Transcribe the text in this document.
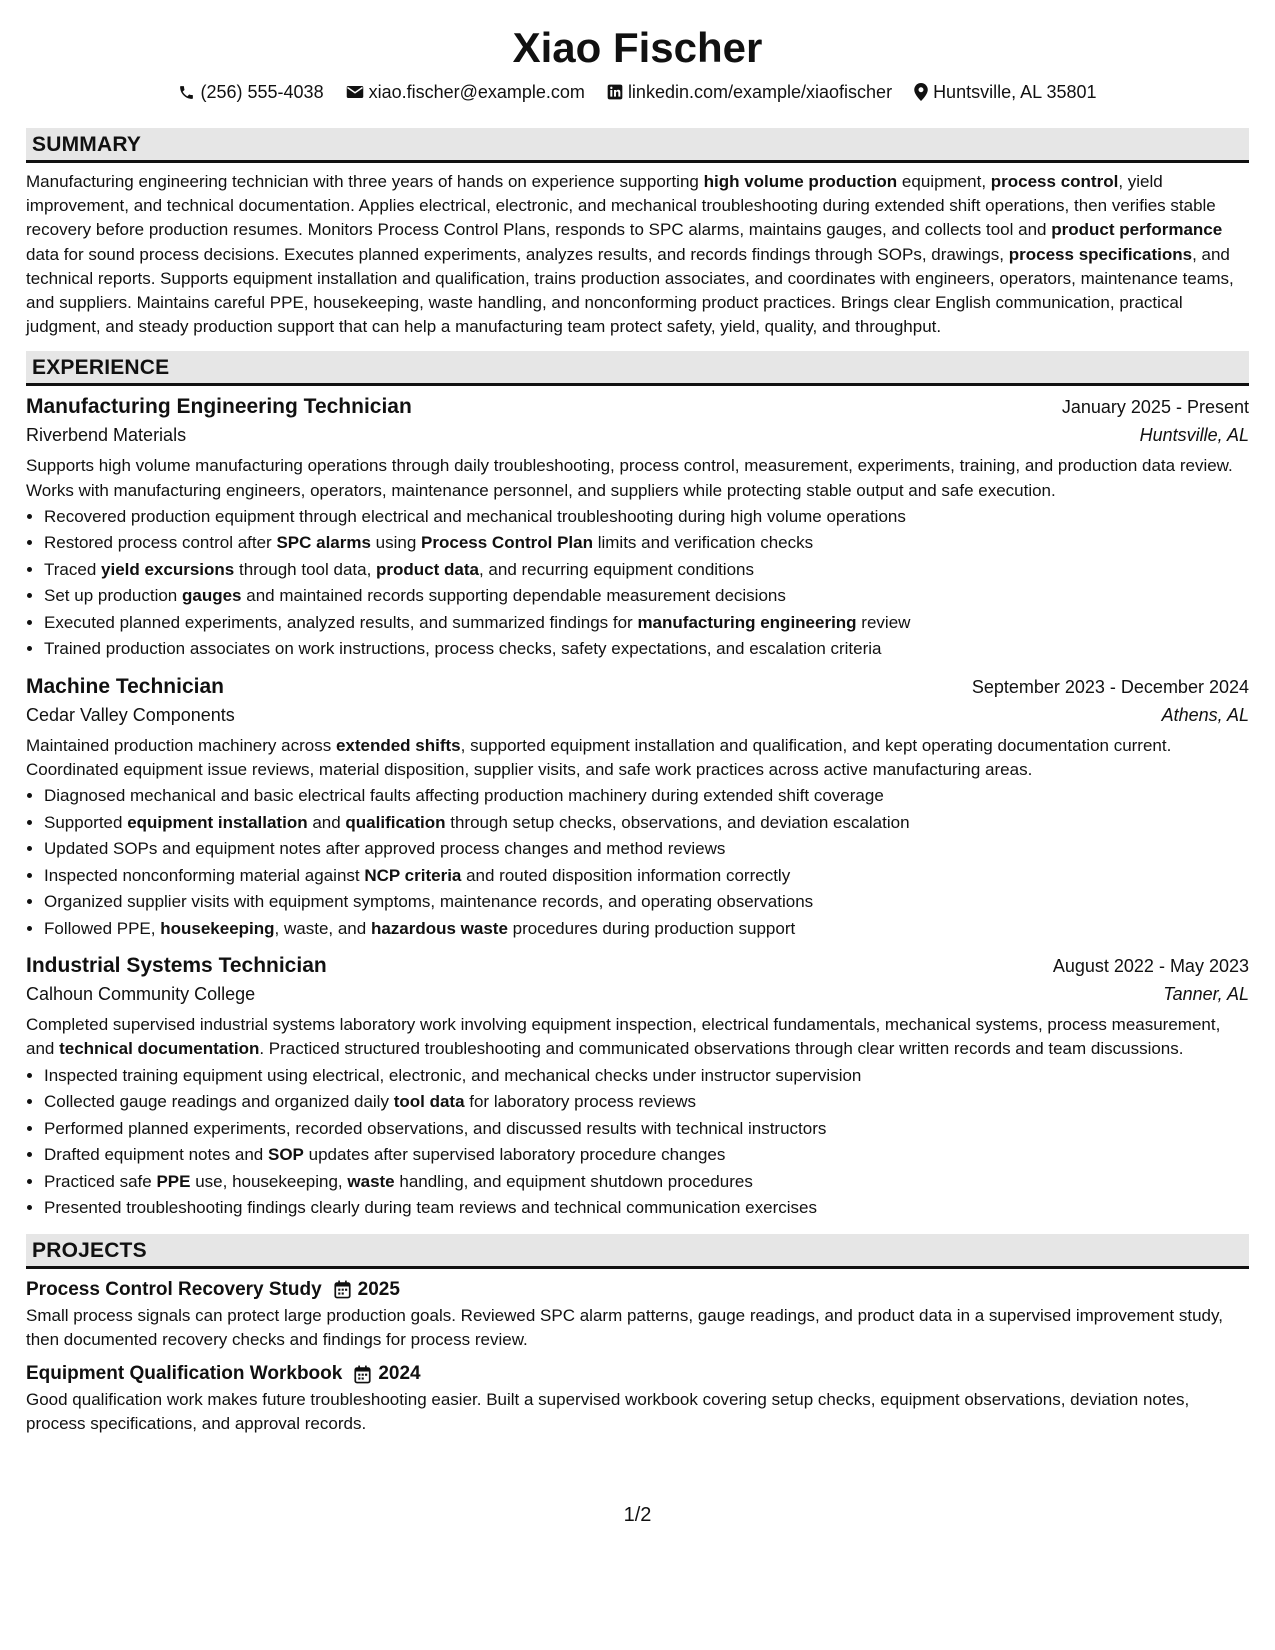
Xiao Fischer
(256) 555-4038	xiao.fischer@example.com linkedin.com/example/xiaofischer Huntsville, AL 35801
SUMMARY

Manufacturing engineering technician with three years of hands on experience supporting high volume production equipment, process control, yield improvement, and technical documentation. Applies electrical, electronic, and mechanical troubleshooting during extended shift operations, then verifies stable recovery before production resumes. Monitors Process Control Plans, responds to SPC alarms, maintains gauges, and collects tool and product performance data for sound process decisions. Executes planned experiments, analyzes results, and records findings through SOPs, drawings, process specifications, and technical reports. Supports equipment installation and qualification, trains production associates, and coordinates with engineers, operators, maintenance teams, and suppliers. Maintains careful PPE, housekeeping, waste handling, and nonconforming product practices. Brings clear English communication, practical judgment, and steady production support that can help a manufacturing team protect safety, yield, quality, and throughput.

EXPERIENCE
Manufacturing Engineering Technician	January 2025 - Present
Riverbend Materials	Huntsville, AL

Supports high volume manufacturing operations through daily troubleshooting, process control, measurement, experiments, training, and production data review. Works with manufacturing engineers, operators, maintenance personnel, and suppliers while protecting stable output and safe execution.

• Recovered production equipment through electrical and mechanical troubleshooting during high volume operations
• Restored process control after SPC alarms using Process Control Plan limits and verification checks
• Traced yield excursions through tool data, product data, and recurring equipment conditions
• Set up production gauges and maintained records supporting dependable measurement decisions
• Executed planned experiments, analyzed results, and summarized findings for manufacturing engineering review
• Trained production associates on work instructions, process checks, safety expectations, and escalation criteria
Machine Technician	September 2023 - December 2024
Cedar Valley Components	Athens, AL

Maintained production machinery across extended shifts, supported equipment installation and qualification, and kept operating documentation current. Coordinated equipment issue reviews, material disposition, supplier visits, and safe work practices across active manufacturing areas.

• Diagnosed mechanical and basic electrical faults affecting production machinery during extended shift coverage
• Supported equipment installation and qualification through setup checks, observations, and deviation escalation
• Updated SOPs and equipment notes after approved process changes and method reviews
• Inspected nonconforming material against NCP criteria and routed disposition information correctly
• Organized supplier visits with equipment symptoms, maintenance records, and operating observations
• Followed PPE, housekeeping, waste, and hazardous waste procedures during production support
Industrial Systems Technician	August 2022 - May 2023
Calhoun Community College	Tanner, AL

Completed supervised industrial systems laboratory work involving equipment inspection, electrical fundamentals, mechanical systems, process measurement, and technical documentation. Practiced structured troubleshooting and communicated observations through clear written records and team discussions.

• Inspected training equipment using electrical, electronic, and mechanical checks under instructor supervision
• Collected gauge readings and organized daily tool data for laboratory process reviews
• Performed planned experiments, recorded observations, and discussed results with technical instructors
• Drafted equipment notes and SOP updates after supervised laboratory procedure changes
• Practiced safe PPE use, housekeeping, waste handling, and equipment shutdown procedures
• Presented troubleshooting findings clearly during team reviews and technical communication exercises
PROJECTS
Process Control Recovery Study 2025

Small process signals can protect large production goals. Reviewed SPC alarm patterns, gauge readings, and product data in a supervised improvement study, then documented recovery checks and findings for process review.

Equipment Qualification Workbook 2024

Good qualification work makes future troubleshooting easier. Built a supervised workbook covering setup checks, equipment observations, deviation notes, process specifications, and approval records.

1/2
